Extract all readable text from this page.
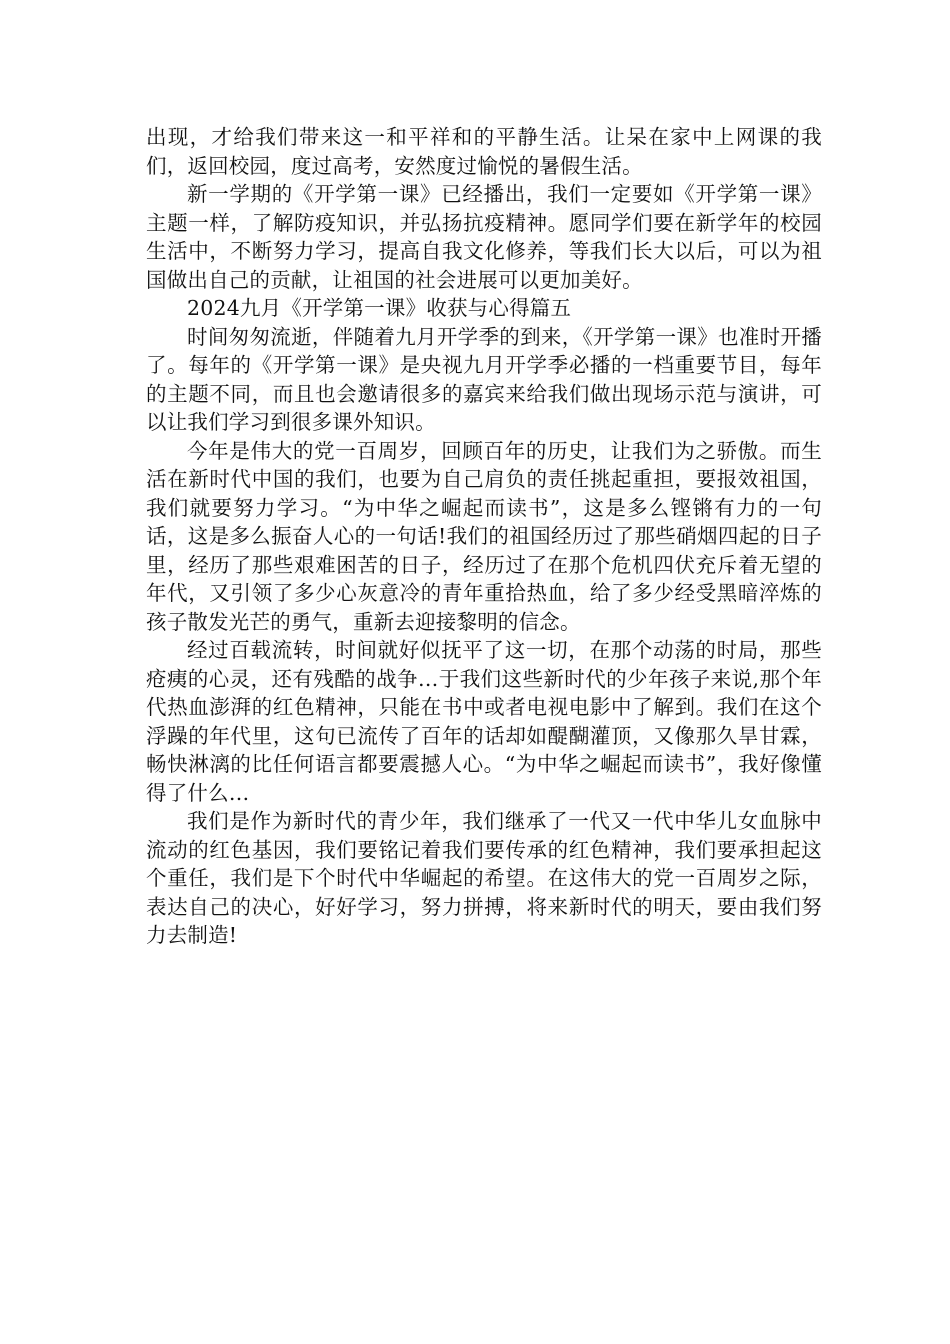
出现，才给我们带来这一和平祥和的平静生活。让呆在家中上网课的我们，返回校园，度过高考，安然度过愉悦的暑假生活。

新一学期的《开学第一课》已经播出，我们一定要如《开学第一课》主题一样，了解防疫知识，并弘扬抗疫精神。愿同学们要在新学年的校园生活中，不断努力学习，提高自我文化修养，等我们长大以后，可以为祖国做出自己的贡献，让祖国的社会进展可以更加美好。

2024九月《开学第一课》收获与心得篇五

时间匆匆流逝，伴随着九月开学季的到来，《开学第一课》也准时开播了。每年的《开学第一课》是央视九月开学季必播的一档重要节目，每年的主题不同，而且也会邀请很多的嘉宾来给我们做出现场示范与演讲，可以让我们学习到很多课外知识。

今年是伟大的党一百周岁，回顾百年的历史，让我们为之骄傲。而生活在新时代中国的我们，也要为自己肩负的责任挑起重担，要报效祖国，我们就要努力学习。“为中华之崛起而读书”，这是多么铿锵有力的一句话，这是多么振奋人心的一句话!我们的祖国经历过了那些硝烟四起的日子里，经历了那些艰难困苦的日子，经历过了在那个危机四伏充斥着无望的年代，又引领了多少心灰意冷的青年重拾热血，给了多少经受黑暗淬炼的孩子散发光芒的勇气，重新去迎接黎明的信念。

经过百载流转，时间就好似抚平了这一切，在那个动荡的时局，那些疮痍的心灵，还有残酷的战争…于我们这些新时代的少年孩子来说,那个年代热血澎湃的红色精神，只能在书中或者电视电影中了解到。我们在这个浮躁的年代里，这句已流传了百年的话却如醍醐灌顶，又像那久旱甘霖，畅快淋漓的比任何语言都要震撼人心。“为中华之崛起而读书”，我好像懂得了什么…

我们是作为新时代的青少年，我们继承了一代又一代中华儿女血脉中流动的红色基因，我们要铭记着我们要传承的红色精神，我们要承担起这个重任，我们是下个时代中华崛起的希望。在这伟大的党一百周岁之际，表达自己的决心，好好学习，努力拼搏，将来新时代的明天，要由我们努力去制造!
